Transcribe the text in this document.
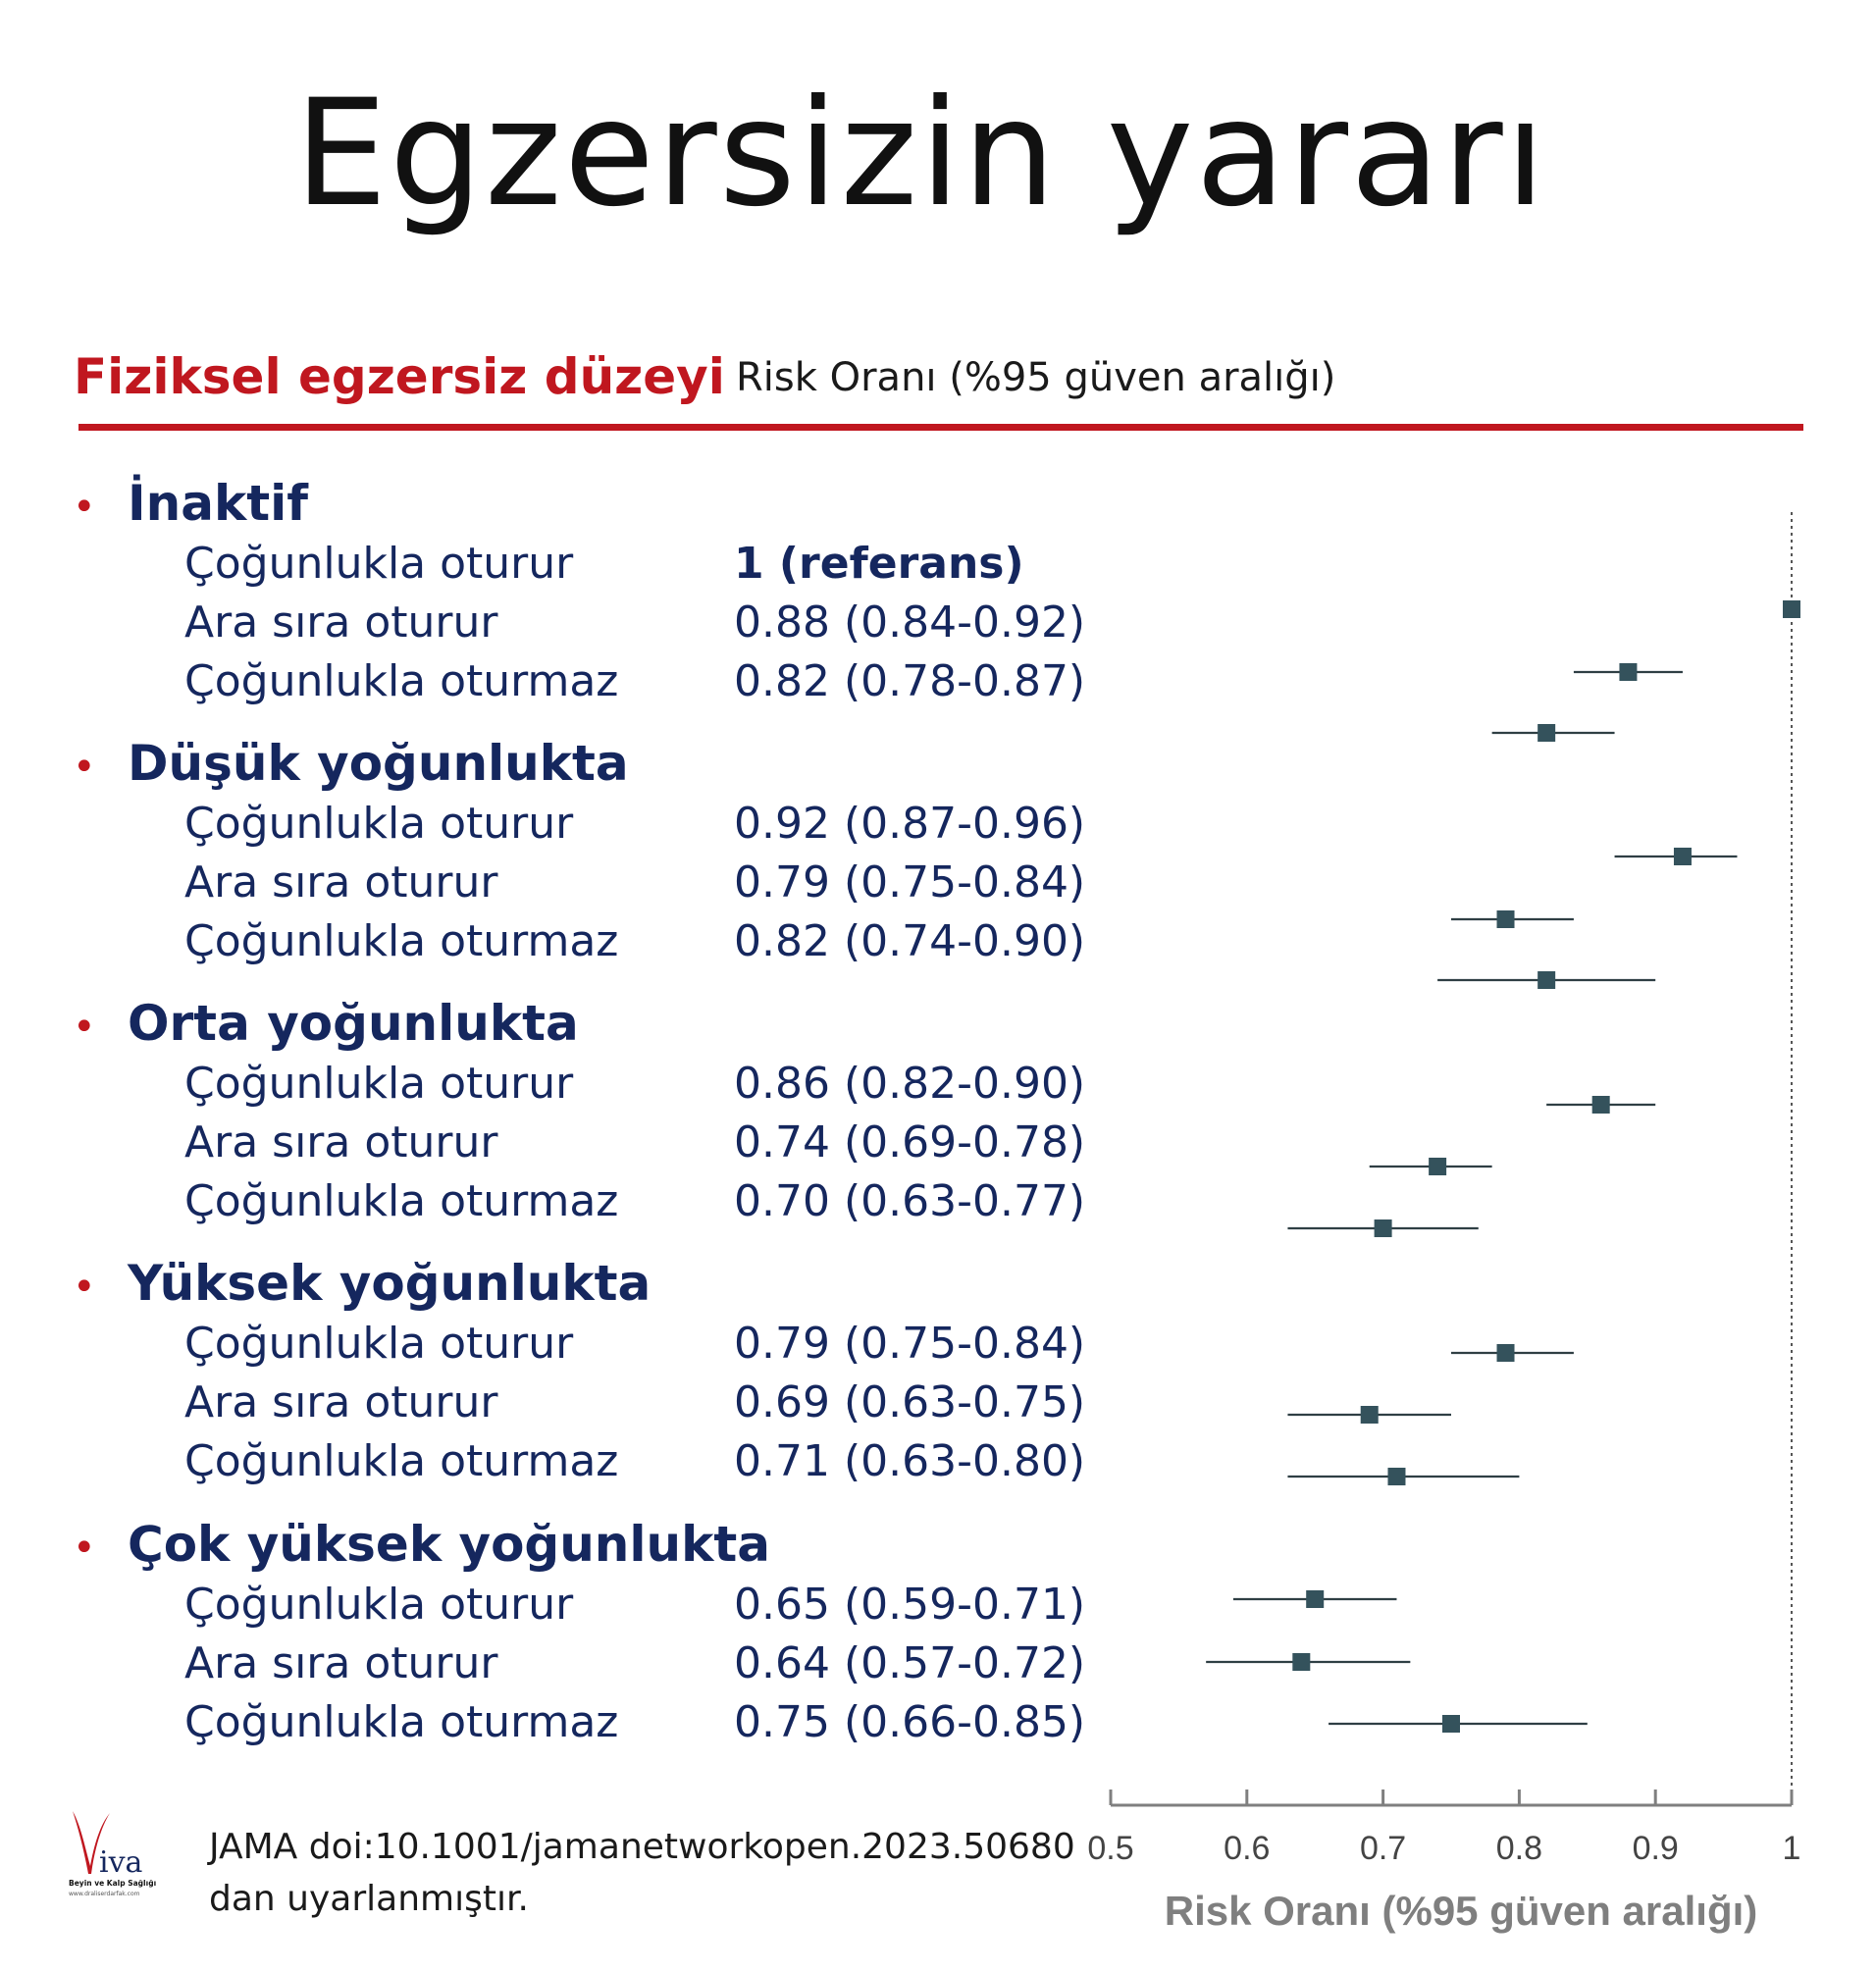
Egzersizin yararı
Fiziksel egzersiz düzeyi Risk Oranı (%95 güven aralığı)
• İnaktif
Çoğunlukla oturur	1 (referans)
Ara sıra oturur	0.88 (0.84-0.92)
Çoğunlukla oturmaz	0.82 (0.78-0.87)
• Düşük yoğunlukta
Çoğunlukla oturur	0.92 (0.87-0.96)
Ara sıra oturur	0.79 (0.75-0.84)
Çoğunlukla oturmaz	0.82 (0.74-0.90)
• Orta yoğunlukta
Çoğunlukla oturur	0.86 (0.82-0.90)
Ara sıra oturur	0.74 (0.69-0.78)
Çoğunlukla oturmaz	0.70 (0.63-0.77)
• Yüksek yoğunlukta
Çoğunlukla oturur	0.79 (0.75-0.84)
Ara sıra oturur	0.69 (0.63-0.75)
Çoğunlukla oturmaz	0.71 (0.63-0.80)
• Çok yüksek yoğunlukta
Çoğunlukla oturur	0.65 (0.59-0.71)
Ara sıra oturur	0.64 (0.57-0.72)
Çoğunlukla oturmaz	0.75 (0.66-0.85)
0.5	0.6	0.7	0.8	0.9	1
Risk Oranı (%95 güven aralığı)
iva
Beyin ve Kalp Sağlığı
www.draliserdarfak.com
JAMA doi:10.1001/jamanetworkopen.2023.50680
dan uyarlanmıştır.
